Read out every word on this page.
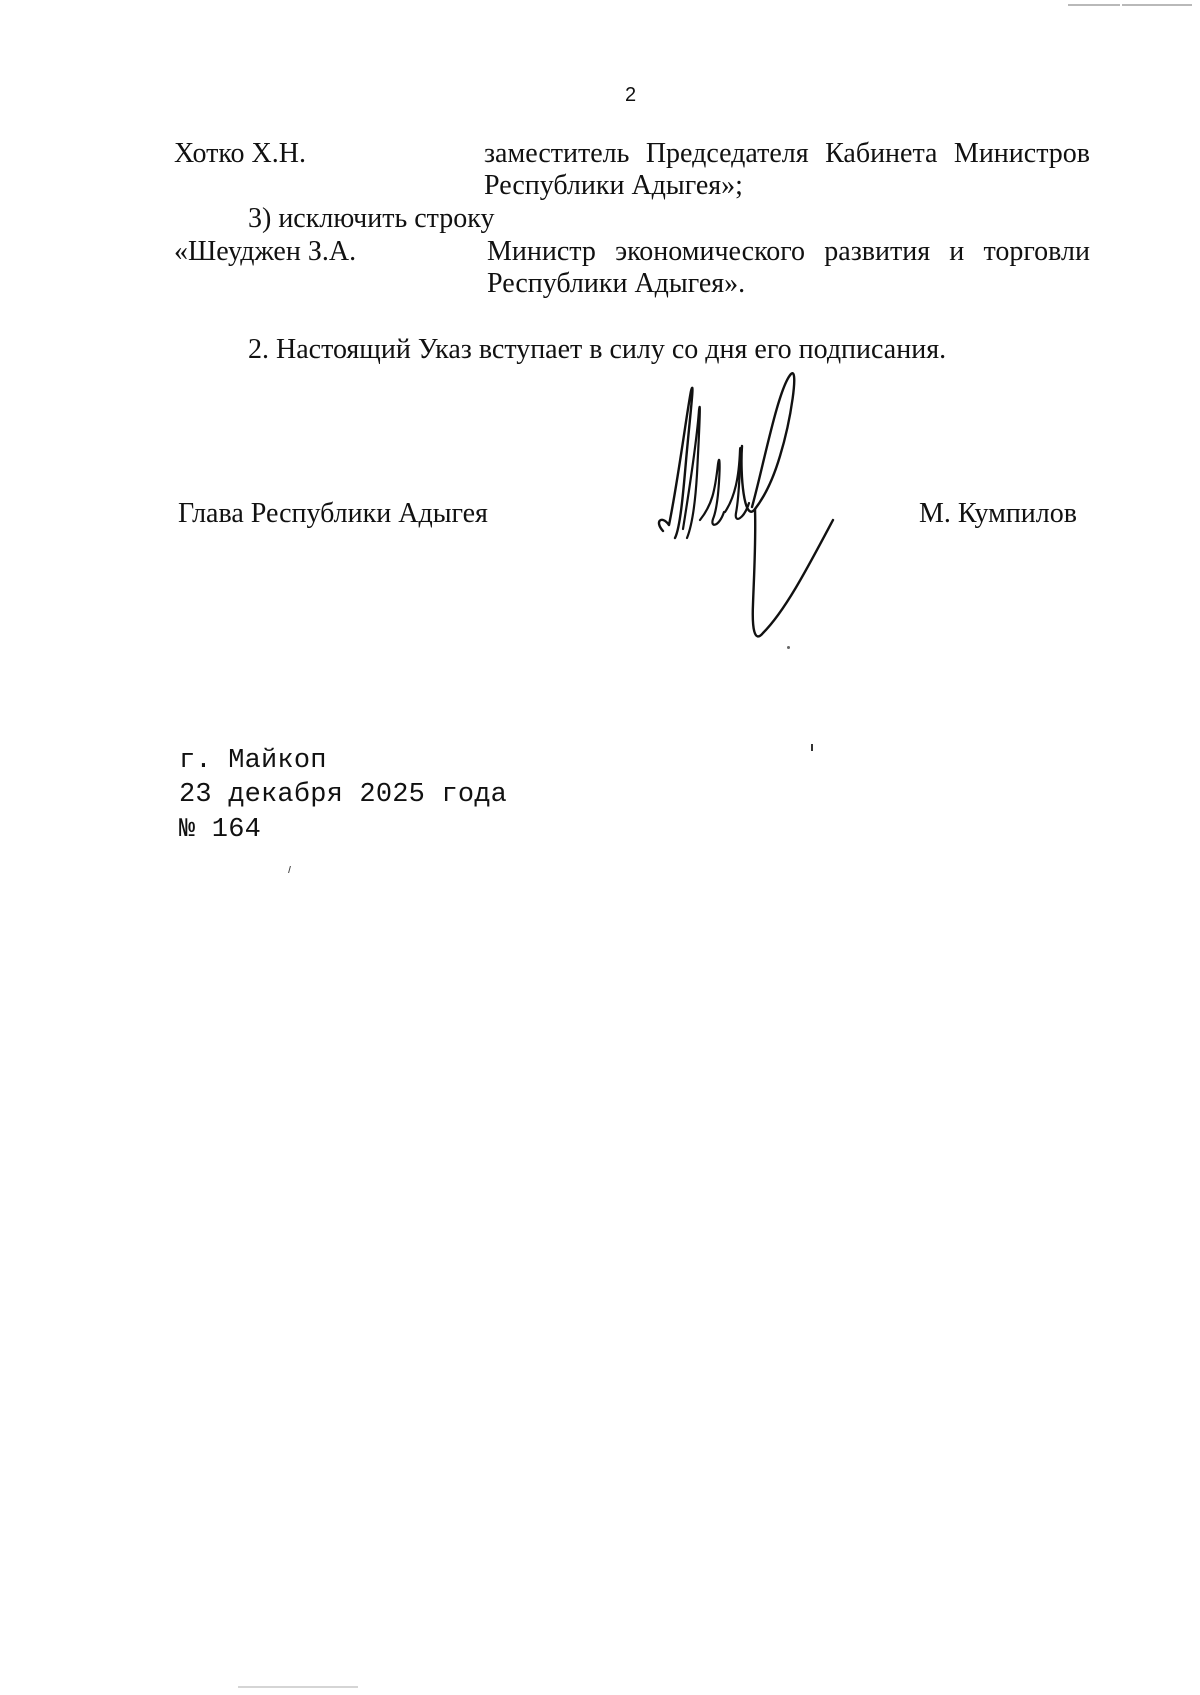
2
Хотко Х.Н.	заместитель Председателя Кабинета Министров
Республики Адыгея»;
3) исключить строку
«Шеуджен З.А.	Министр экономического развития и торговли
Республики Адыгея».
2. Настоящий Указ вступает в силу со дня его подписания.
Глава Республики Адыгея	М. Кумпилов
г. Майкоп
23 декабря 2025 года
№ 164
